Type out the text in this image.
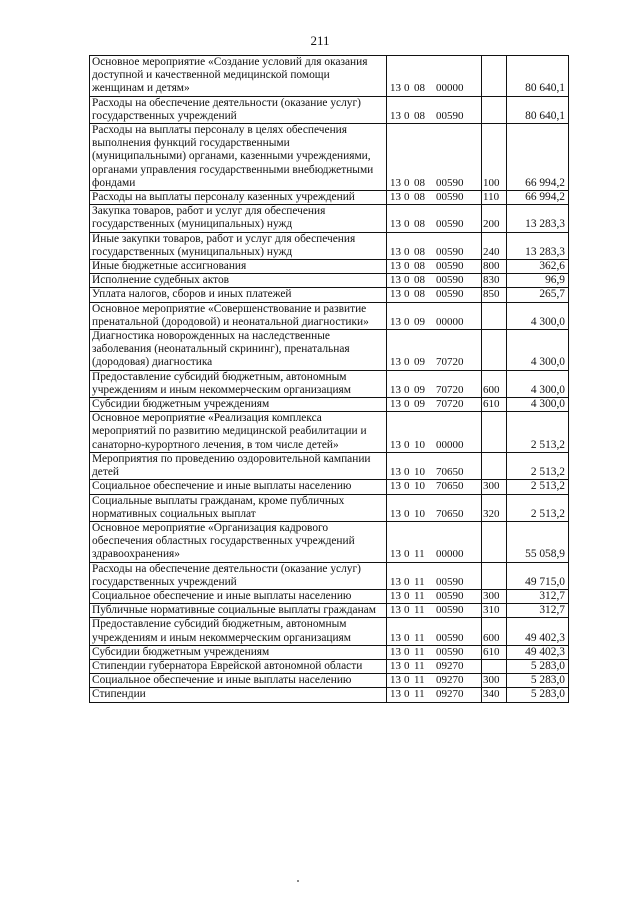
211
Основное мероприятие «Создание условий для оказания доступной и качественной медицинской помощи женщинам и детям»	13 0 08 00000		80 640,1
Расходы на обеспечение деятельности (оказание услуг) государственных учреждений	13 0 08 00590		80 640,1
Расходы на выплаты персоналу в целях обеспечения выполнения функций государственными (муниципальными) органами, казенными учреждениями, органами управления государственными внебюджетными фондами	13 0 08 00590	100	66 994,2
Расходы на выплаты персоналу казенных учреждений	13 0 08 00590	110	66 994,2
Закупка товаров, работ и услуг для обеспечения государственных (муниципальных) нужд	13 0 08 00590	200	13 283,3
Иные закупки товаров, работ и услуг для обеспечения государственных (муниципальных) нужд	13 0 08 00590	240	13 283,3
Иные бюджетные ассигнования	13 0 08 00590	800	362,6
Исполнение судебных актов	13 0 08 00590	830	96,9
Уплата налогов, сборов и иных платежей	13 0 08 00590	850	265,7
Основное мероприятие «Совершенствование и развитие пренатальной (дородовой) и неонатальной диагностики»	13 0 09 00000		4 300,0
Диагностика новорожденных на наследственные заболевания (неонатальный скрининг), пренатальная (дородовая) диагностика	13 0 09 70720		4 300,0
Предоставление субсидий бюджетным, автономным учреждениям и иным некоммерческим организациям	13 0 09 70720	600	4 300,0
Субсидии бюджетным учреждениям	13 0 09 70720	610	4 300,0
Основное мероприятие «Реализация комплекса мероприятий по развитию медицинской реабилитации и санаторно-курортного лечения, в том числе детей»	13 0 10 00000		2 513,2
Мероприятия по проведению оздоровительной кампании детей	13 0 10 70650		2 513,2
Социальное обеспечение и иные выплаты населению	13 0 10 70650	300	2 513,2
Социальные выплаты гражданам, кроме публичных нормативных социальных выплат	13 0 10 70650	320	2 513,2
Основное мероприятие «Организация кадрового обеспечения областных государственных учреждений здравоохранения»	13 0 11 00000		55 058,9
Расходы на обеспечение деятельности (оказание услуг) государственных учреждений	13 0 11 00590		49 715,0
Социальное обеспечение и иные выплаты населению	13 0 11 00590	300	312,7
Публичные нормативные социальные выплаты гражданам	13 0 11 00590	310	312,7
Предоставление субсидий бюджетным, автономным учреждениям и иным некоммерческим организациям	13 0 11 00590	600	49 402,3
Субсидии бюджетным учреждениям	13 0 11 00590	610	49 402,3
Стипендии губернатора Еврейской автономной области	13 0 11 09270		5 283,0
Социальное обеспечение и иные выплаты населению	13 0 11 09270	300	5 283,0
Стипендии	13 0 11 09270	340	5 283,0
